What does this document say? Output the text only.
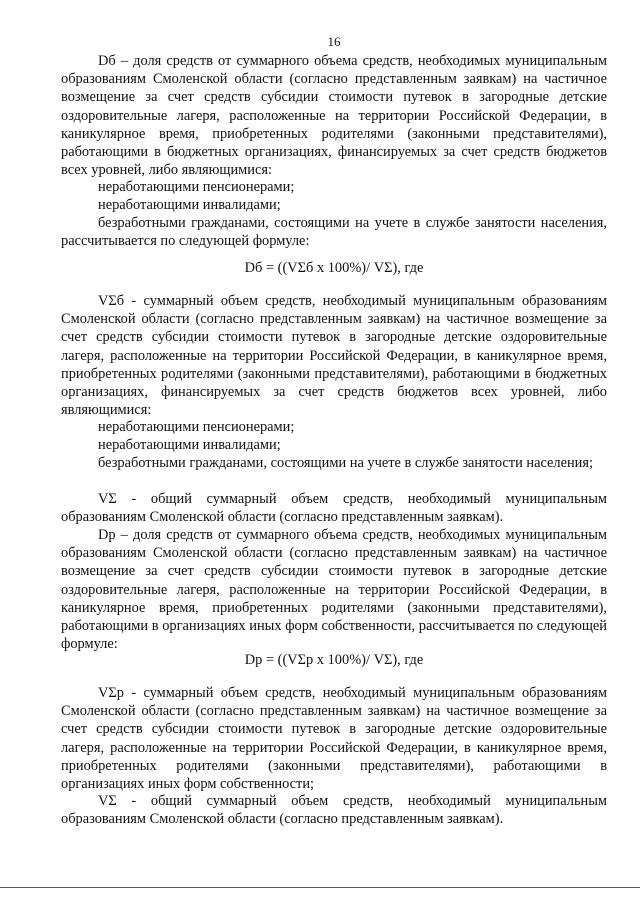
16

Dб – доля средств от суммарного объема средств, необходимых муниципальным образованиям Смоленской области (согласно представленным заявкам) на частичное возмещение за счет средств субсидии стоимости путевок в загородные детские оздоровительные лагеря, расположенные на территории Российской Федерации, в каникулярное время, приобретенных родителями (законными представителями), работающими в бюджетных организациях, финансируемых за счет средств бюджетов всех уровней, либо являющимися:

неработающими пенсионерами;

неработающими инвалидами;

безработными гражданами, состоящими на учете в службе занятости населения, рассчитывается по следующей формуле:

Dб = ((VΣб x 100%)/ VΣ), где

VΣб - суммарный объем средств, необходимый муниципальным образованиям Смоленской области (согласно представленным заявкам) на частичное возмещение за счет средств субсидии стоимости путевок в загородные детские оздоровительные лагеря, расположенные на территории Российской Федерации, в каникулярное время, приобретенных родителями (законными представителями), работающими в бюджетных организациях, финансируемых за счет средств бюджетов всех уровней, либо являющимися:

неработающими пенсионерами;

неработающими инвалидами;

безработными гражданами, состоящими на учете в службе занятости населения;

VΣ - общий суммарный объем средств, необходимый муниципальным образованиям Смоленской области (согласно представленным заявкам).

Dр – доля средств от суммарного объема средств, необходимых муниципальным образованиям Смоленской области (согласно представленным заявкам) на частичное возмещение за счет средств субсидии стоимости путевок в загородные детские оздоровительные лагеря, расположенные на территории Российской Федерации, в каникулярное время, приобретенных родителями (законными представителями), работающими в организациях иных форм собственности, рассчитывается по следующей формуле:

Dр = ((VΣр x 100%)/ VΣ), где

VΣр - суммарный объем средств, необходимый муниципальным образованиям Смоленской области (согласно представленным заявкам) на частичное возмещение за счет средств субсидии стоимости путевок в загородные детские оздоровительные лагеря, расположенные на территории Российской Федерации, в каникулярное время, приобретенных родителями (законными представителями), работающими в организациях иных форм собственности;

VΣ - общий суммарный объем средств, необходимый муниципальным образованиям Смоленской области (согласно представленным заявкам).
